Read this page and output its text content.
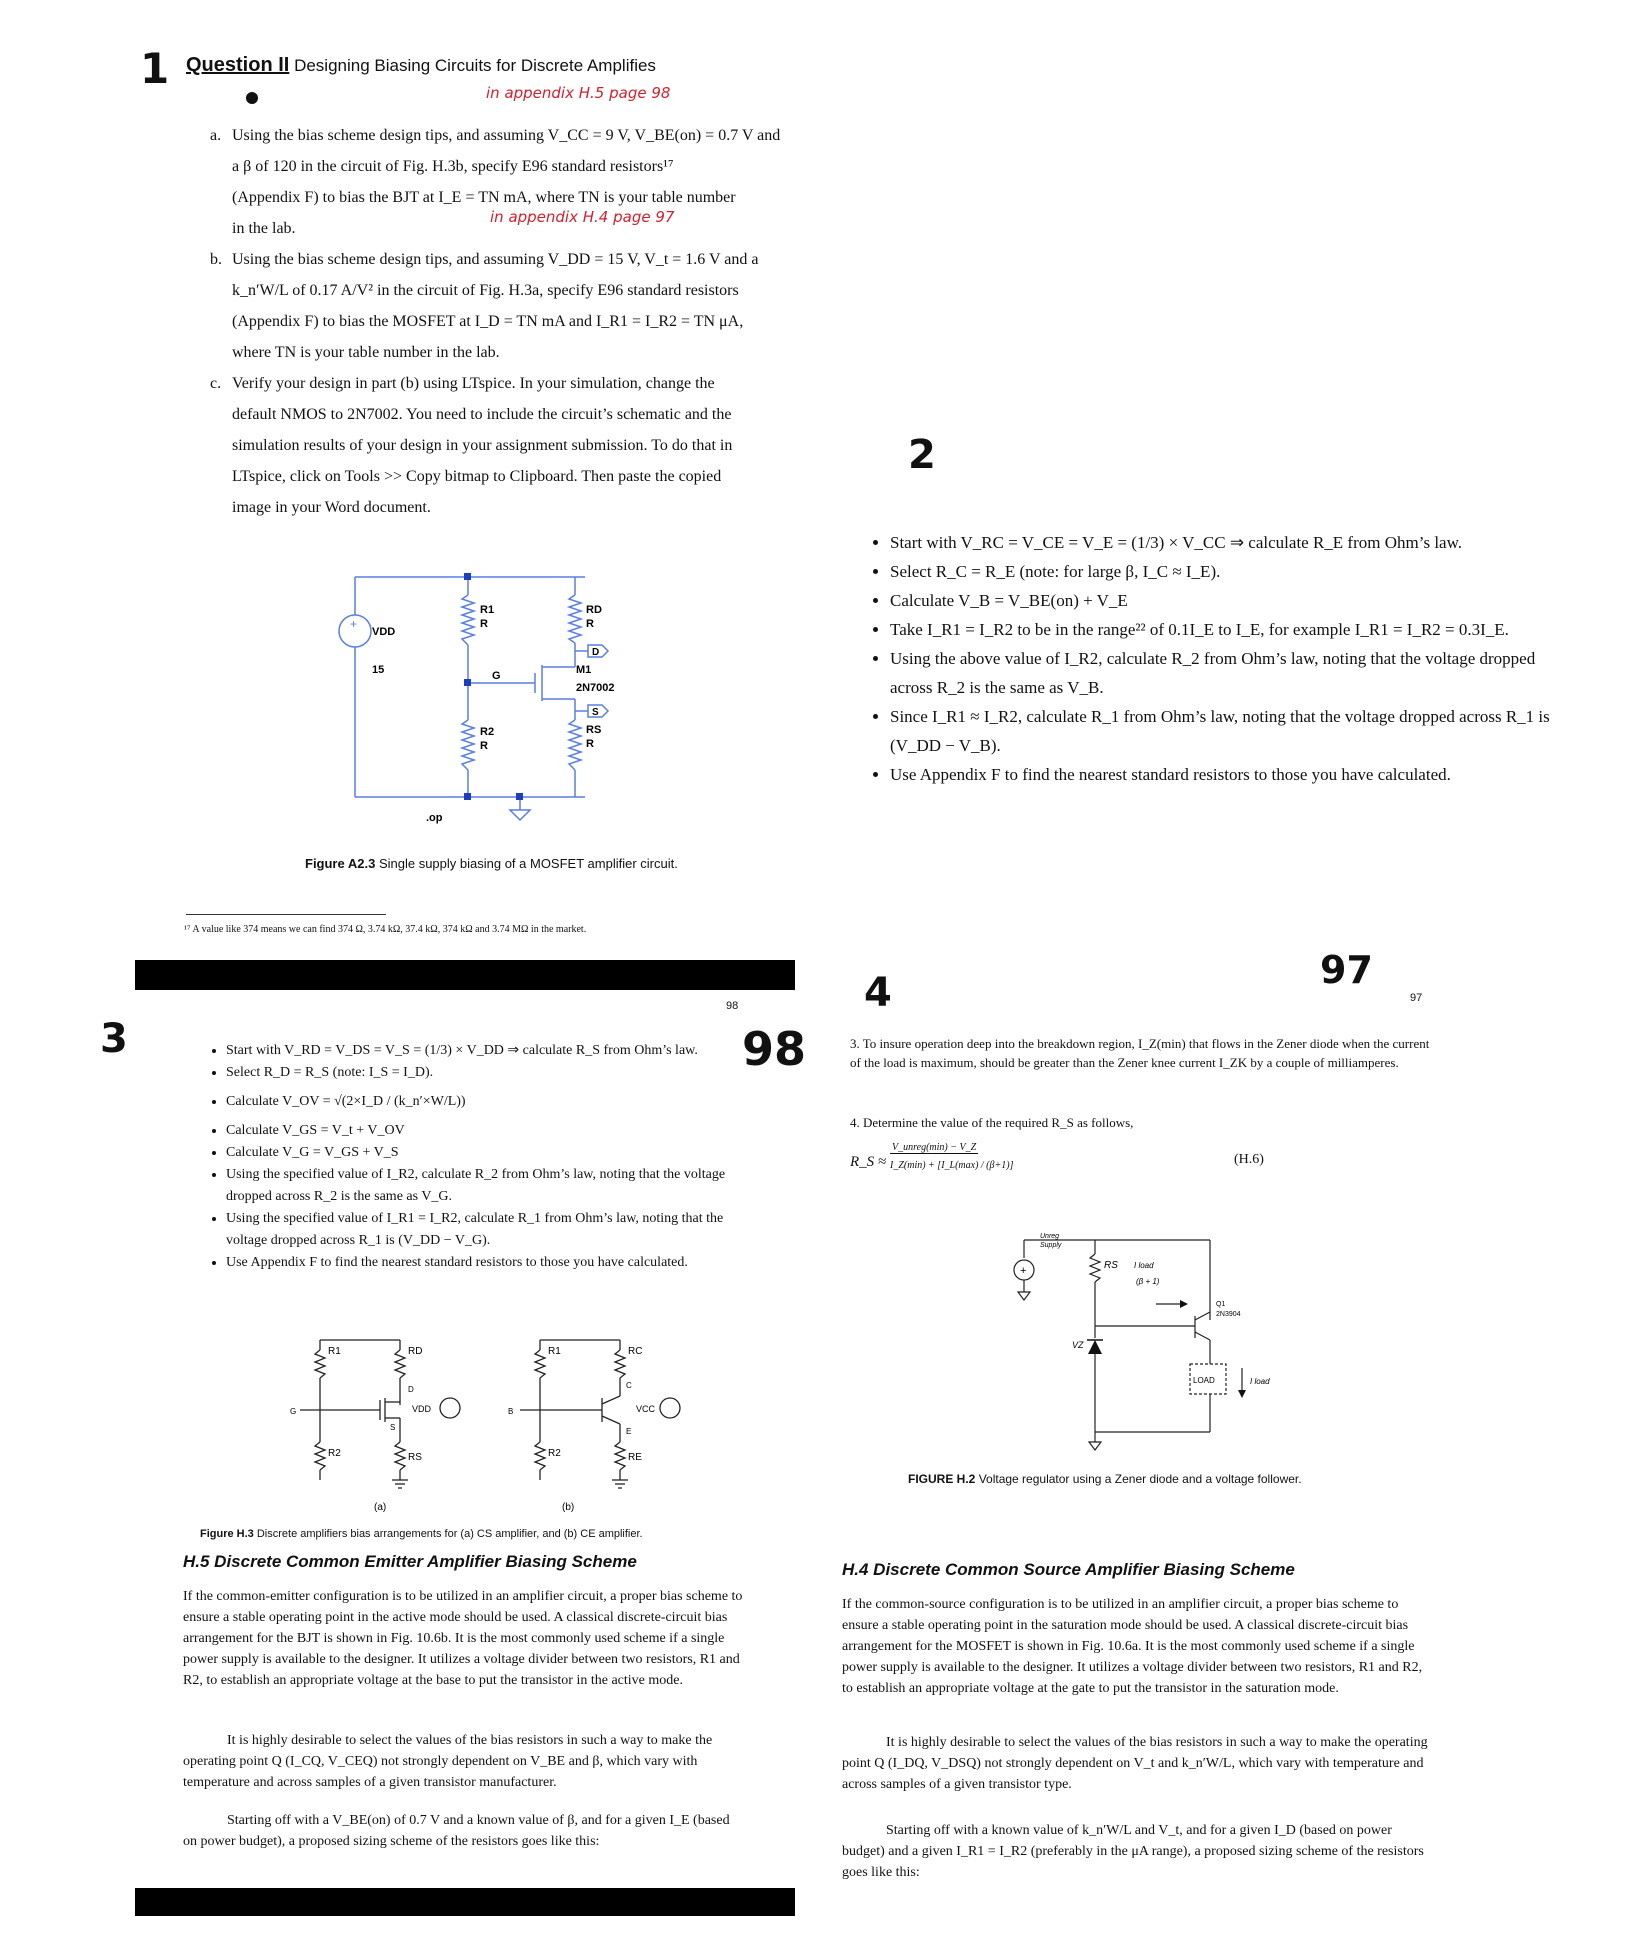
1	in appendix H.5 page 98
in appendix H.4 page 97
2
3
4
98
97
Question II Designing Biasing Circuits for Discrete Amplifies
a. Using the bias scheme design tips, and assuming V_CC = 9 V, V_BE(on) = 0.7 V and
a β of 120 in the circuit of Fig. H.3b, specify E96 standard resistors¹⁷
(Appendix F) to bias the BJT at I_E = TN mA, where TN is your table number
in the lab.
b. Using the bias scheme design tips, and assuming V_DD = 15 V, V_t = 1.6 V and a
k_n′W/L of 0.17 A/V² in the circuit of Fig. H.3a, specify E96 standard resistors
(Appendix F) to bias the MOSFET at I_D = TN mA and I_R1 = I_R2 = TN μA,
where TN is your table number in the lab.
c. Verify your design in part (b) using LTspice. In your simulation, change the
default NMOS to 2N7002. You need to include the circuit’s schematic and the
simulation results of your design in your assignment submission. To do that in
LTspice, click on Tools >> Copy bitmap to Clipboard. Then paste the copied
image in your Word document.
+
VDD
15
R1
R
RD
R
G
D
S
M1
2N7002
R2
R
RS
R
.op
Figure A2.3 Single supply biasing of a MOSFET amplifier circuit.
¹⁷ A value like 374 means we can find 374 Ω, 3.74 kΩ, 37.4 kΩ, 374 kΩ and 3.74 MΩ in the market.
• Start with V_RC = V_CE = V_E = (1/3) × V_CC ⇒ calculate R_E from Ohm’s law.
• Select R_C = R_E (note: for large β, I_C ≈ I_E).
• Calculate V_B = V_BE(on) + V_E
• Take I_R1 = I_R2 to be in the range²² of 0.1I_E to I_E, for example I_R1 = I_R2 = 0.3I_E.
• Using the above value of I_R2, calculate R_2 from Ohm’s law, noting that the voltage dropped across R_2 is the same as V_B.
• Since I_R1 ≈ I_R2, calculate R_1 from Ohm’s law, noting that the voltage dropped across R_1 is (V_DD − V_B).
• Use Appendix F to find the nearest standard resistors to those you have calculated.
98
• Start with V_RD = V_DS = V_S = (1/3) × V_DD ⇒ calculate R_S from Ohm’s law.
• Select R_D = R_S (note: I_S = I_D).
• Calculate V_OV = √(2×I_D / (k_n′×W/L))
• Calculate V_GS = V_t + V_OV
• Calculate V_G = V_GS + V_S
• Using the specified value of I_R2, calculate R_2 from Ohm’s law, noting that the voltage dropped across R_2 is the same as V_G.
• Using the specified value of I_R1 = I_R2, calculate R_1 from Ohm’s law, noting that the voltage dropped across R_1 is (V_DD − V_G).
• Use Appendix F to find the nearest standard resistors to those you have calculated.
R1	RD
R2	RS
D
S
G	VDD
R1	RC
R2	RE
C
E
B	VCC
(a)	(b)
Figure H.3 Discrete amplifiers bias arrangements for (a) CS amplifier, and (b) CE amplifier.
H.5 Discrete Common Emitter Amplifier Biasing Scheme
If the common-emitter configuration is to be utilized in an amplifier circuit, a proper bias scheme to ensure a stable operating point in the active mode should be used. A classical discrete-circuit bias arrangement for the BJT is shown in Fig. 10.6b. It is the most commonly used scheme if a single power supply is available to the designer. It utilizes a voltage divider between two resistors, R1 and R2, to establish an appropriate voltage at the base to put the transistor in the active mode.
It is highly desirable to select the values of the bias resistors in such a way to make the operating point Q (I_CQ, V_CEQ) not strongly dependent on V_BE and β, which vary with temperature and across samples of a given transistor manufacturer.
Starting off with a V_BE(on) of 0.7 V and a known value of β, and for a given I_E (based on power budget), a proposed sizing scheme of the resistors goes like this:
97
3. To insure operation deep into the breakdown region, I_Z(min) that flows in the Zener diode when the current of the load is maximum, should be greater than the Zener knee current I_ZK by a couple of milliamperes.
4. Determine the value of the required R_S as follows,
R_S ≈
V_unreg(min) − V_Z
I_Z(min) + [I_L(max) / (β+1)]	(H.6)
+
Unreg
Supply
RS I load
(β + 1)
Q1
2N3904
VZ
LOAD	I load
FIGURE H.2 Voltage regulator using a Zener diode and a voltage follower.
H.4 Discrete Common Source Amplifier Biasing Scheme
If the common-source configuration is to be utilized in an amplifier circuit, a proper bias scheme to ensure a stable operating point in the saturation mode should be used. A classical discrete-circuit bias arrangement for the MOSFET is shown in Fig. 10.6a. It is the most commonly used scheme if a single power supply is available to the designer. It utilizes a voltage divider between two resistors, R1 and R2, to establish an appropriate voltage at the gate to put the transistor in the saturation mode.
It is highly desirable to select the values of the bias resistors in such a way to make the operating point Q (I_DQ, V_DSQ) not strongly dependent on V_t and k_n′W/L, which vary with temperature and across samples of a given transistor type.
Starting off with a known value of k_n′W/L and V_t, and for a given I_D (based on power budget) and a given I_R1 = I_R2 (preferably in the μA range), a proposed sizing scheme of the resistors goes like this:
